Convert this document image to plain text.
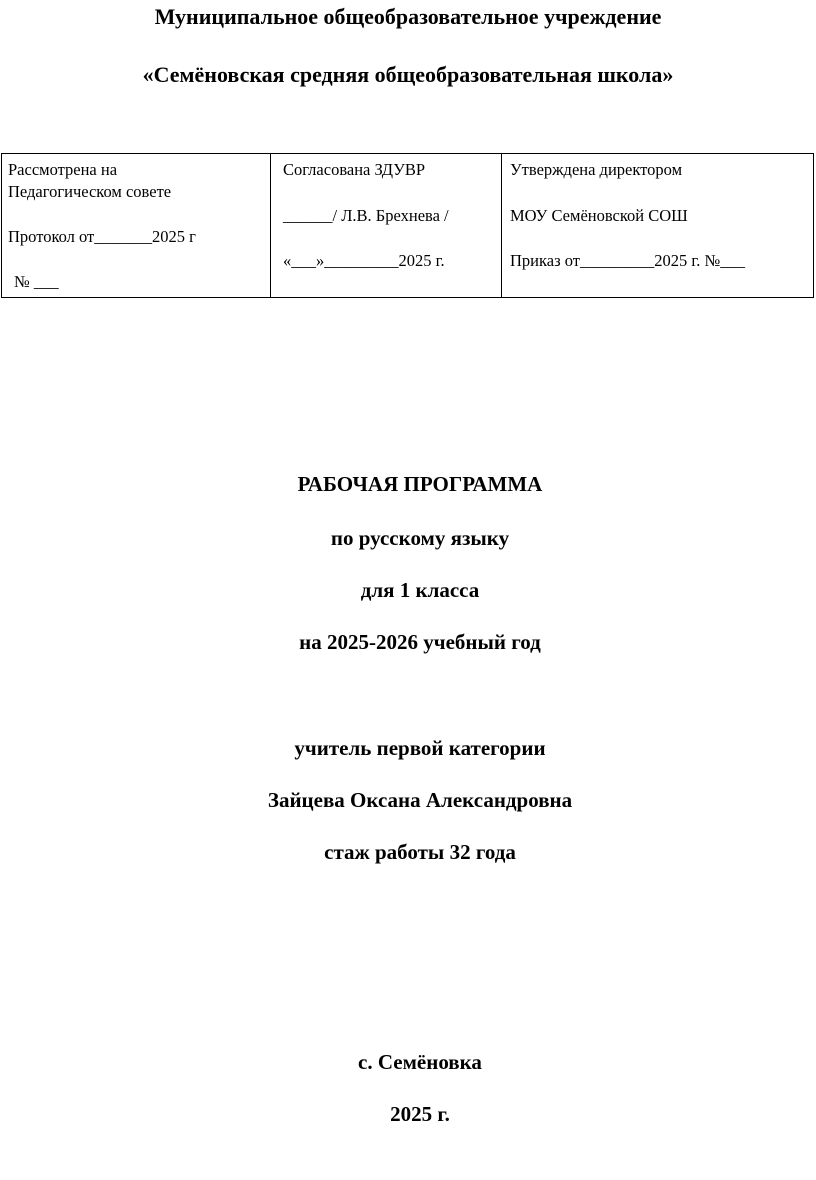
Муниципальное общеобразовательное учреждение
«Семёновская средняя общеобразовательная школа»
Рассмотрена на
Педагогическом совете
Протокол от_______2025 г
№ ___

Согласована ЗДУВР
______/ Л.В. Брехнева /
«___»_________2025 г.

Утверждена директором
МОУ Семёновской СОШ
Приказ от_________2025 г. №___
РАБОЧАЯ ПРОГРАММА
по русскому языку
для 1 класса
на 2025-2026 учебный год
учитель первой категории
Зайцева Оксана Александровна
стаж работы 32 года
с. Семёновка
2025 г.
